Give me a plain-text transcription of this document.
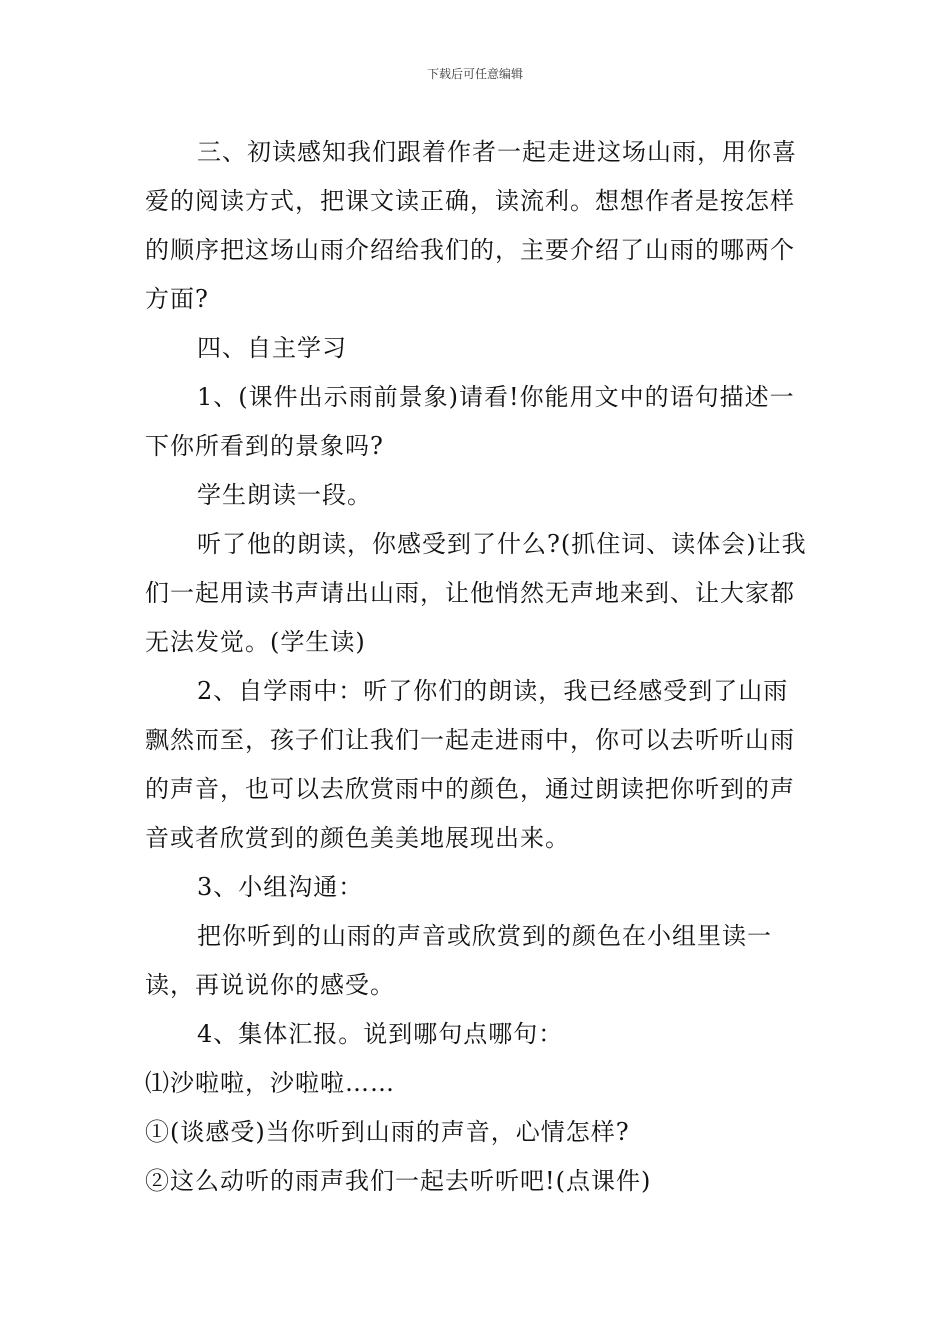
下载后可任意编辑

三、初读感知我们跟着作者一起走进这场山雨，用你喜爱的阅读方式，把课文读正确，读流利。想想作者是按怎样的顺序把这场山雨介绍给我们的，主要介绍了山雨的哪两个方面?

四、自主学习

1、(课件出示雨前景象)请看!你能用文中的语句描述一下你所看到的景象吗?

学生朗读一段。

听了他的朗读，你感受到了什么?(抓住词、读体会)让我们一起用读书声请出山雨，让他悄然无声地来到、让大家都无法发觉。(学生读)

2、自学雨中：听了你们的朗读，我已经感受到了山雨飘然而至，孩子们让我们一起走进雨中，你可以去听听山雨的声音，也可以去欣赏雨中的颜色，通过朗读把你听到的声音或者欣赏到的颜色美美地展现出来。

3、小组沟通：

把你听到的山雨的声音或欣赏到的颜色在小组里读一读，再说说你的感受。

4、集体汇报。说到哪句点哪句：

⑴沙啦啦，沙啦啦……

①(谈感受)当你听到山雨的声音，心情怎样?

②这么动听的雨声我们一起去听听吧!(点课件)
